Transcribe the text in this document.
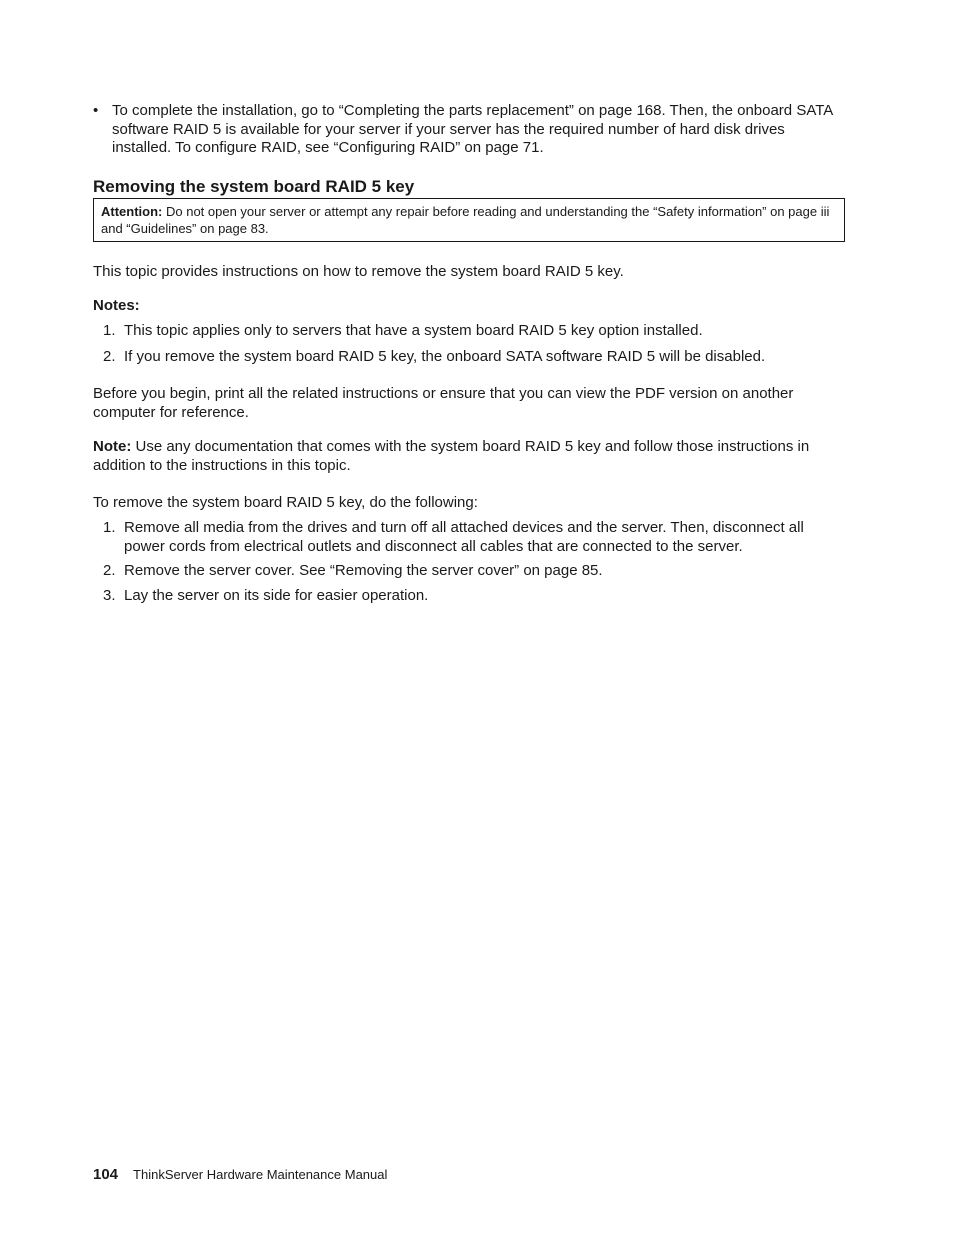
• To complete the installation, go to “Completing the parts replacement” on page 168. Then, the onboard SATA software RAID 5 is available for your server if your server has the required number of hard disk drives installed. To configure RAID, see “Configuring RAID” on page 71.
Removing the system board RAID 5 key
Attention: Do not open your server or attempt any repair before reading and understanding the “Safety information” on page iii and “Guidelines” on page 83.
This topic provides instructions on how to remove the system board RAID 5 key.
Notes:
1. This topic applies only to servers that have a system board RAID 5 key option installed.
2. If you remove the system board RAID 5 key, the onboard SATA software RAID 5 will be disabled.
Before you begin, print all the related instructions or ensure that you can view the PDF version on another computer for reference.
Note: Use any documentation that comes with the system board RAID 5 key and follow those instructions in addition to the instructions in this topic.
To remove the system board RAID 5 key, do the following:
1. Remove all media from the drives and turn off all attached devices and the server. Then, disconnect all power cords from electrical outlets and disconnect all cables that are connected to the server.
2. Remove the server cover. See “Removing the server cover” on page 85.
3. Lay the server on its side for easier operation.
104 ThinkServer Hardware Maintenance Manual
